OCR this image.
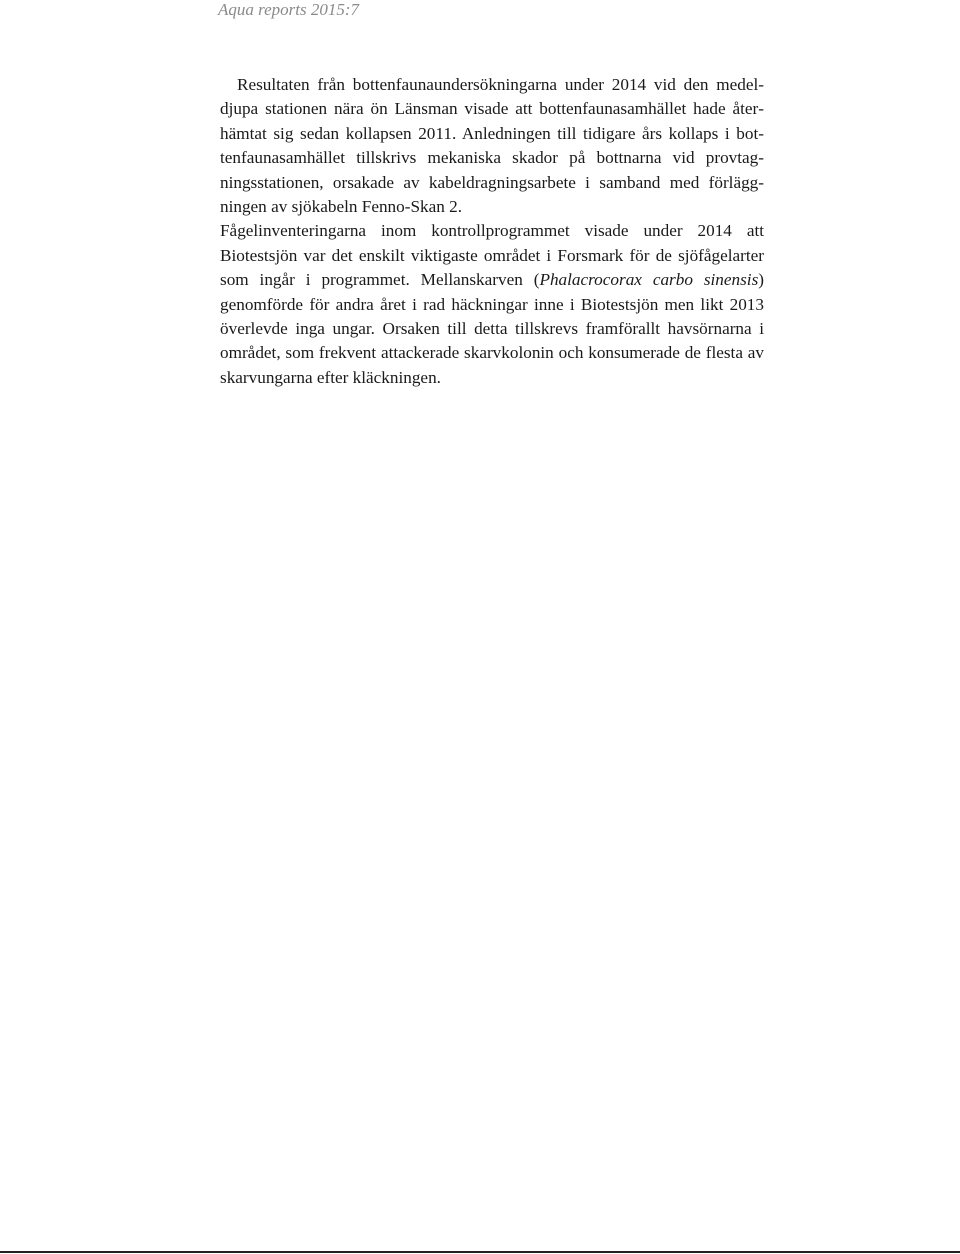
Aqua reports 2015:7

Resultaten från bottenfaunaundersökningarna under 2014 vid den medeldjupa stationen nära ön Länsman visade att bottenfaunasamhället hade återhämtat sig sedan kollapsen 2011. Anledningen till tidigare års kollaps i bottenfaunasamhället tillskrivs mekaniska skador på bottnarna vid provtagningsstationen, orsakade av kabeldragningsarbete i samband med förläggningen av sjökabeln Fenno-Skan 2.

Fågelinventeringarna inom kontrollprogrammet visade under 2014 att Biotestsjön var det enskilt viktigaste området i Forsmark för de sjöfågelarter som ingår i programmet. Mellanskarven (Phalacrocorax carbo sinensis) genomförde för andra året i rad häckningar inne i Biotestsjön men likt 2013 överlevde inga ungar. Orsaken till detta tillskrevs framförallt havsörnarna i området, som frekvent attackerade skarvkolonin och konsumerade de flesta av skarvungarna efter kläckningen.
